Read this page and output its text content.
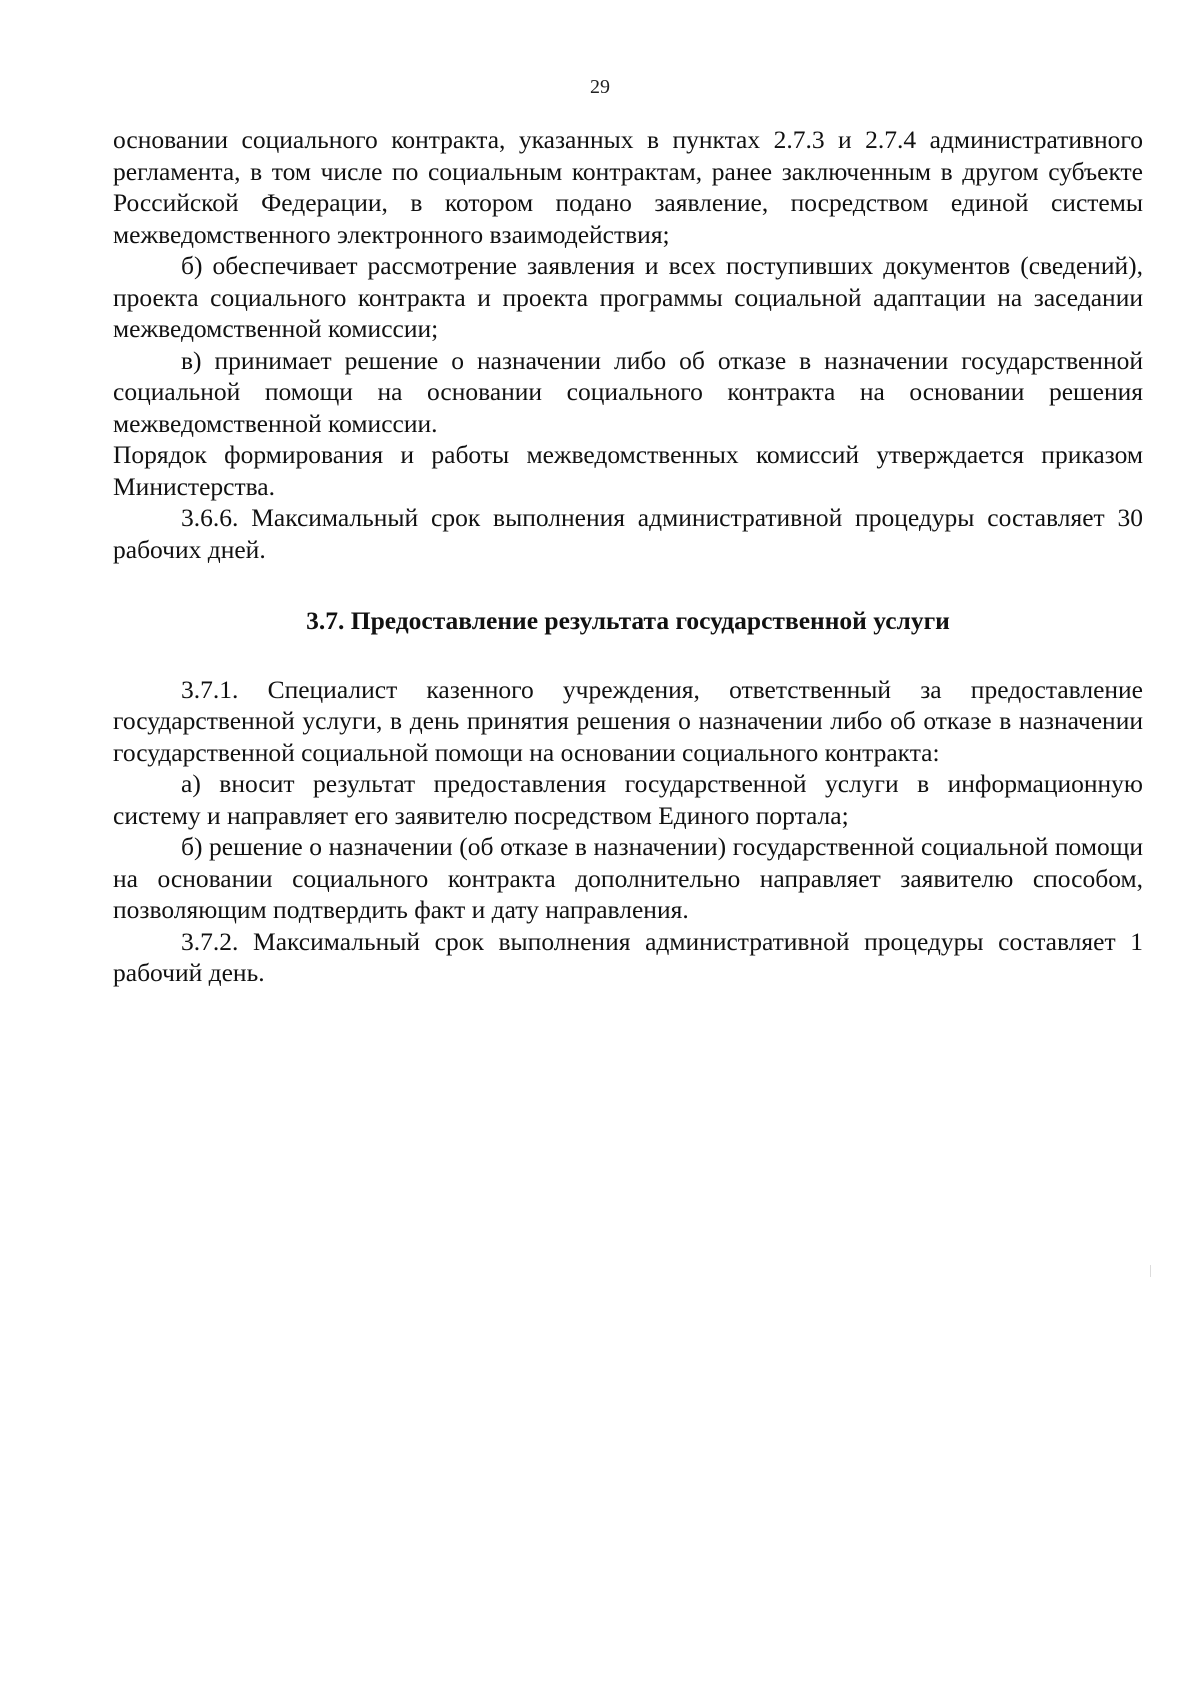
29

основании социального контракта, указанных в пунктах 2.7.3 и 2.7.4 административного регламента, в том числе по социальным контрактам, ранее заключенным в другом субъекте Российской Федерации, в котором подано заявление, посредством единой системы межведомственного электронного взаимодействия;

б) обеспечивает рассмотрение заявления и всех поступивших документов (сведений), проекта социального контракта и проекта программы социальной адаптации на заседании межведомственной комиссии;

в) принимает решение о назначении либо об отказе в назначении государственной социальной помощи на основании социального контракта на основании решения межведомственной комиссии.

Порядок формирования и работы межведомственных комиссий утверждается приказом Министерства.

3.6.6. Максимальный срок выполнения административной процедуры составляет 30 рабочих дней.

3.7. Предоставление результата государственной услуги

3.7.1. Специалист казенного учреждения, ответственный за предоставление государственной услуги, в день принятия решения о назначении либо об отказе в назначении государственной социальной помощи на основании социального контракта:

а) вносит результат предоставления государственной услуги в информационную систему и направляет его заявителю посредством Единого портала;

б) решение о назначении (об отказе в назначении) государственной социальной помощи на основании социального контракта дополнительно направляет заявителю способом, позволяющим подтвердить факт и дату направления.

3.7.2. Максимальный срок выполнения административной процедуры составляет 1 рабочий день.
